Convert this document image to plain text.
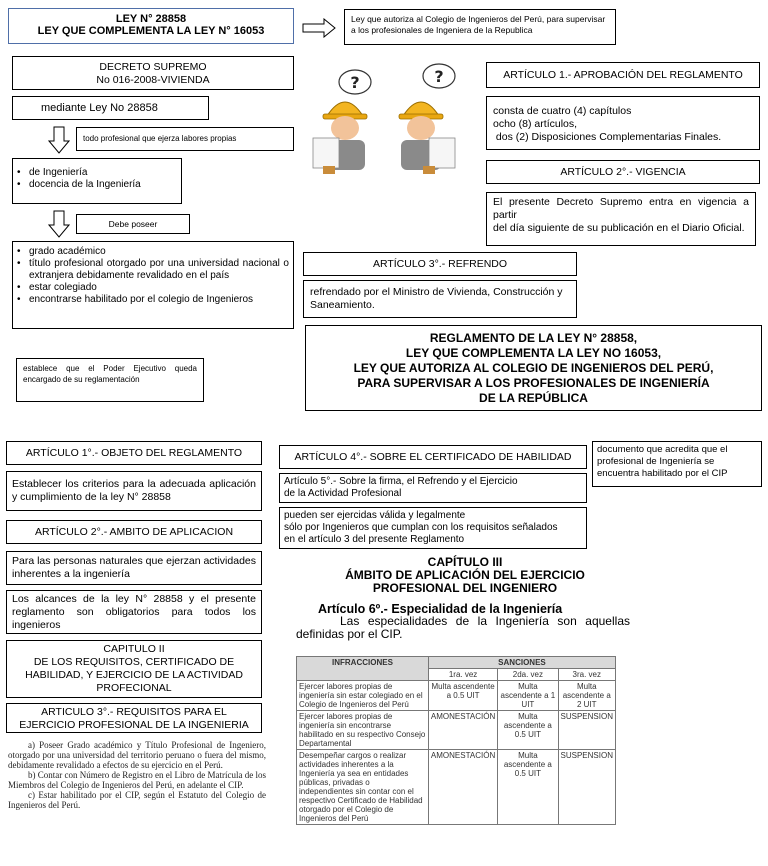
LEY N° 28858
LEY QUE COMPLEMENTA LA LEY N° 16053
Ley que autoriza al Colegio de Ingenieros del Perú, para supervisar a los profesionales de Ingeniera de la Republica
DECRETO SUPREMO
No 016-2008-VIVIENDA
mediante Ley No 28858
todo profesional que ejerza labores propias
• de Ingeniería
• docencia de la Ingeniería
Debe poseer
• grado académico
• título profesional otorgado por una universidad nacional o extranjera debidamente revalidado en el país
• estar colegiado
• encontrarse habilitado por el colegio de Ingenieros
establece que el Poder Ejecutivo queda encargado de su reglamentación
?	?	ARTÍCULO 1.- APROBACIÓN DEL REGLAMENTO
consta de cuatro (4) capítulos
ocho (8) artículos,
dos (2) Disposiciones Complementarias Finales.
ARTÍCULO 2°.- VIGENCIA
El presente Decreto Supremo entra en vigencia a partir
del día siguiente de su publicación en el Diario Oficial.
ARTÍCULO 3°.- REFRENDO
refrendado por el Ministro de Vivienda, Construcción y Saneamiento.
REGLAMENTO DE LA LEY N° 28858,
LEY QUE COMPLEMENTA LA LEY NO 16053,
LEY QUE AUTORIZA AL COLEGIO DE INGENIEROS DEL PERÚ,
PARA SUPERVISAR A LOS PROFESIONALES DE INGENIERÍA
DE LA REPÚBLICA
ARTÍCULO 1°.- OBJETO DEL REGLAMENTO
Establecer los criterios para la adecuada aplicación y cumplimiento de la ley N° 28858
ARTÍCULO 2°.- AMBITO DE APLICACION
Para las personas naturales que ejerzan actividades inherentes a la ingeniería
Los alcances de la ley N° 28858 y el presente reglamento son obligatorios para todos los ingenieros
CAPITULO II
DE LOS REQUISITOS, CERTIFICADO DE
HABILIDAD, Y EJERCICIO DE LA ACTIVIDAD
PROFECIONAL
ARTICULO 3°.- REQUISITOS PARA EL
EJERCICIO PROFESIONAL DE LA INGENIERIA
a) Poseer Grado académico y Título Profesional de Ingeniero, otorgado por una universidad del territorio peruano o fuera del mismo, debidamente revalidado a efectos de su ejercicio en el Perú.
b) Contar con Número de Registro en el Libro de Matrícula de los Miembros del Colegio de Ingenieros del Perú, en adelante el CIP.
c) Estar habilitado por el CIP, según el Estatuto del Colegio de Ingenieros del Perú.
ARTÍCULO 4°.- SOBRE EL CERTIFICADO DE HABILIDAD
documento que acredita que el profesional de Ingeniería se encuentra habilitado por el CIP
Artículo 5°.- Sobre la firma, el Refrendo y el Ejercicio
de la Actividad Profesional
pueden ser ejercidas válida y legalmente
sólo por Ingenieros que cumplan con los requisitos señalados
en el artículo 3 del presente Reglamento
CAPÍTULO III
ÁMBITO DE APLICACIÓN DEL EJERCICIO
PROFESIONAL DEL INGENIERO
Artículo 6º.- Especialidad de la Ingeniería
Las especialidades de la Ingeniería son aquellas definidas por el CIP.
INFRACCIONES	SANCIONES		
	1ra. vez	2da. vez	3ra. vez
Ejercer labores propias de ingeniería sin estar colegiado en el Colegio de Ingenieros del Perú	Multa ascendente a 0.5 UIT	Multa ascendente a 1 UIT	Multa ascendente a 2 UIT
Ejercer labores propias de ingeniería sin encontrarse habilitado en su respectivo Consejo Departamental	AMONESTACIÓN	Multa ascendente a 0.5 UIT	SUSPENSION
Desempeñar cargos o realizar actividades inherentes a la Ingeniería ya sea en entidades públicas, privadas o independientes sin contar con el respectivo Certificado de Habilidad otorgado por el Colegio de Ingenieros del Perú	AMONESTACIÓN	Multa ascendente a 0.5 UIT	SUSPENSION
